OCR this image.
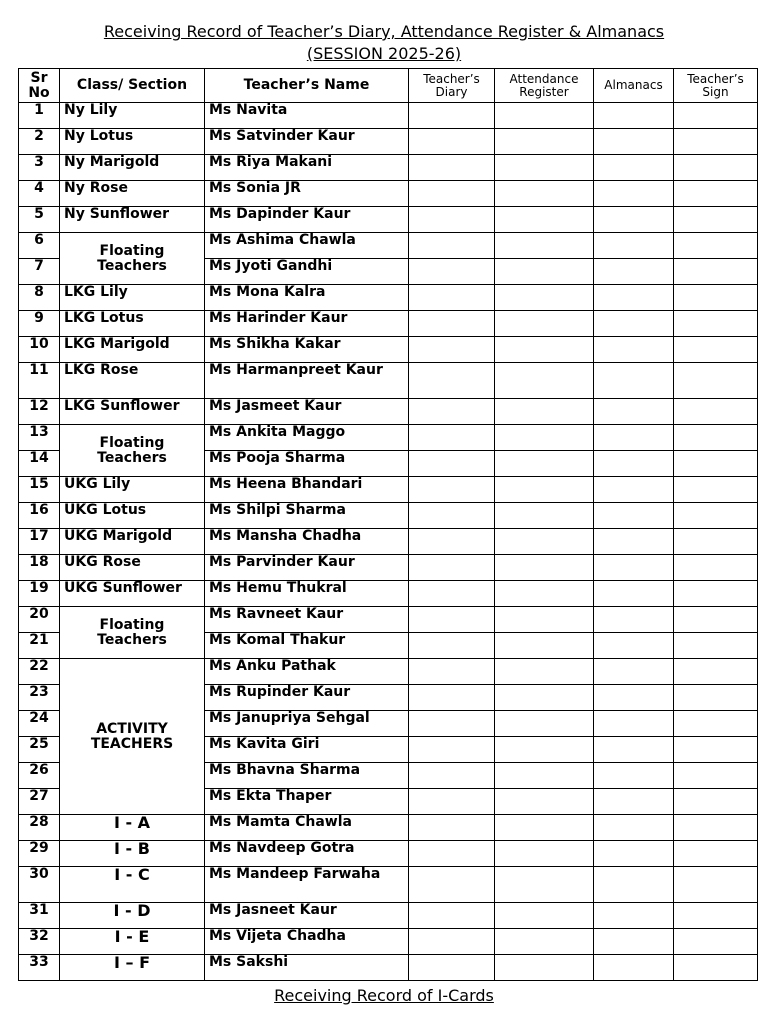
Receiving Record of Teacher’s Diary, Attendance Register & Almanacs
(SESSION 2025-26)
Sr No	Class/ Section	Teacher’s Name	Teacher’s Diary	Attendance Register	Almanacs	Teacher’s Sign
1	Ny Lily	Ms Navita				
2	Ny Lotus	Ms Satvinder Kaur				
3	Ny Marigold	Ms Riya Makani				
4	Ny Rose	Ms Sonia JR				
5	Ny Sunflower	Ms Dapinder Kaur				
6	Floating Teachers	Ms Ashima Chawla				
7		Ms Jyoti Gandhi				
8	LKG Lily	Ms Mona Kalra				
9	LKG Lotus	Ms Harinder Kaur				
10	LKG Marigold	Ms Shikha Kakar				
11	LKG Rose	Ms Harmanpreet Kaur				
12	LKG Sunflower	Ms Jasmeet Kaur				
13	Floating Teachers	Ms Ankita Maggo				
14		Ms Pooja Sharma				
15	UKG Lily	Ms Heena Bhandari				
16	UKG Lotus	Ms Shilpi Sharma				
17	UKG Marigold	Ms Mansha Chadha				
18	UKG Rose	Ms Parvinder Kaur				
19	UKG Sunflower	Ms Hemu Thukral				
20	Floating Teachers	Ms Ravneet Kaur				
21		Ms Komal Thakur				
22	ACTIVITY TEACHERS	Ms Anku Pathak				
23		Ms Rupinder Kaur				
24		Ms Janupriya Sehgal				
25		Ms Kavita Giri				
26		Ms Bhavna Sharma				
27		Ms Ekta Thaper				
28	I - A	Ms Mamta Chawla				
29	I - B	Ms Navdeep Gotra				
30	I - C	Ms Mandeep Farwaha				
31	I - D	Ms Jasneet Kaur				
32	I - E	Ms Vijeta Chadha				
33	I – F	Ms Sakshi				
Receiving Record of I-Cards
